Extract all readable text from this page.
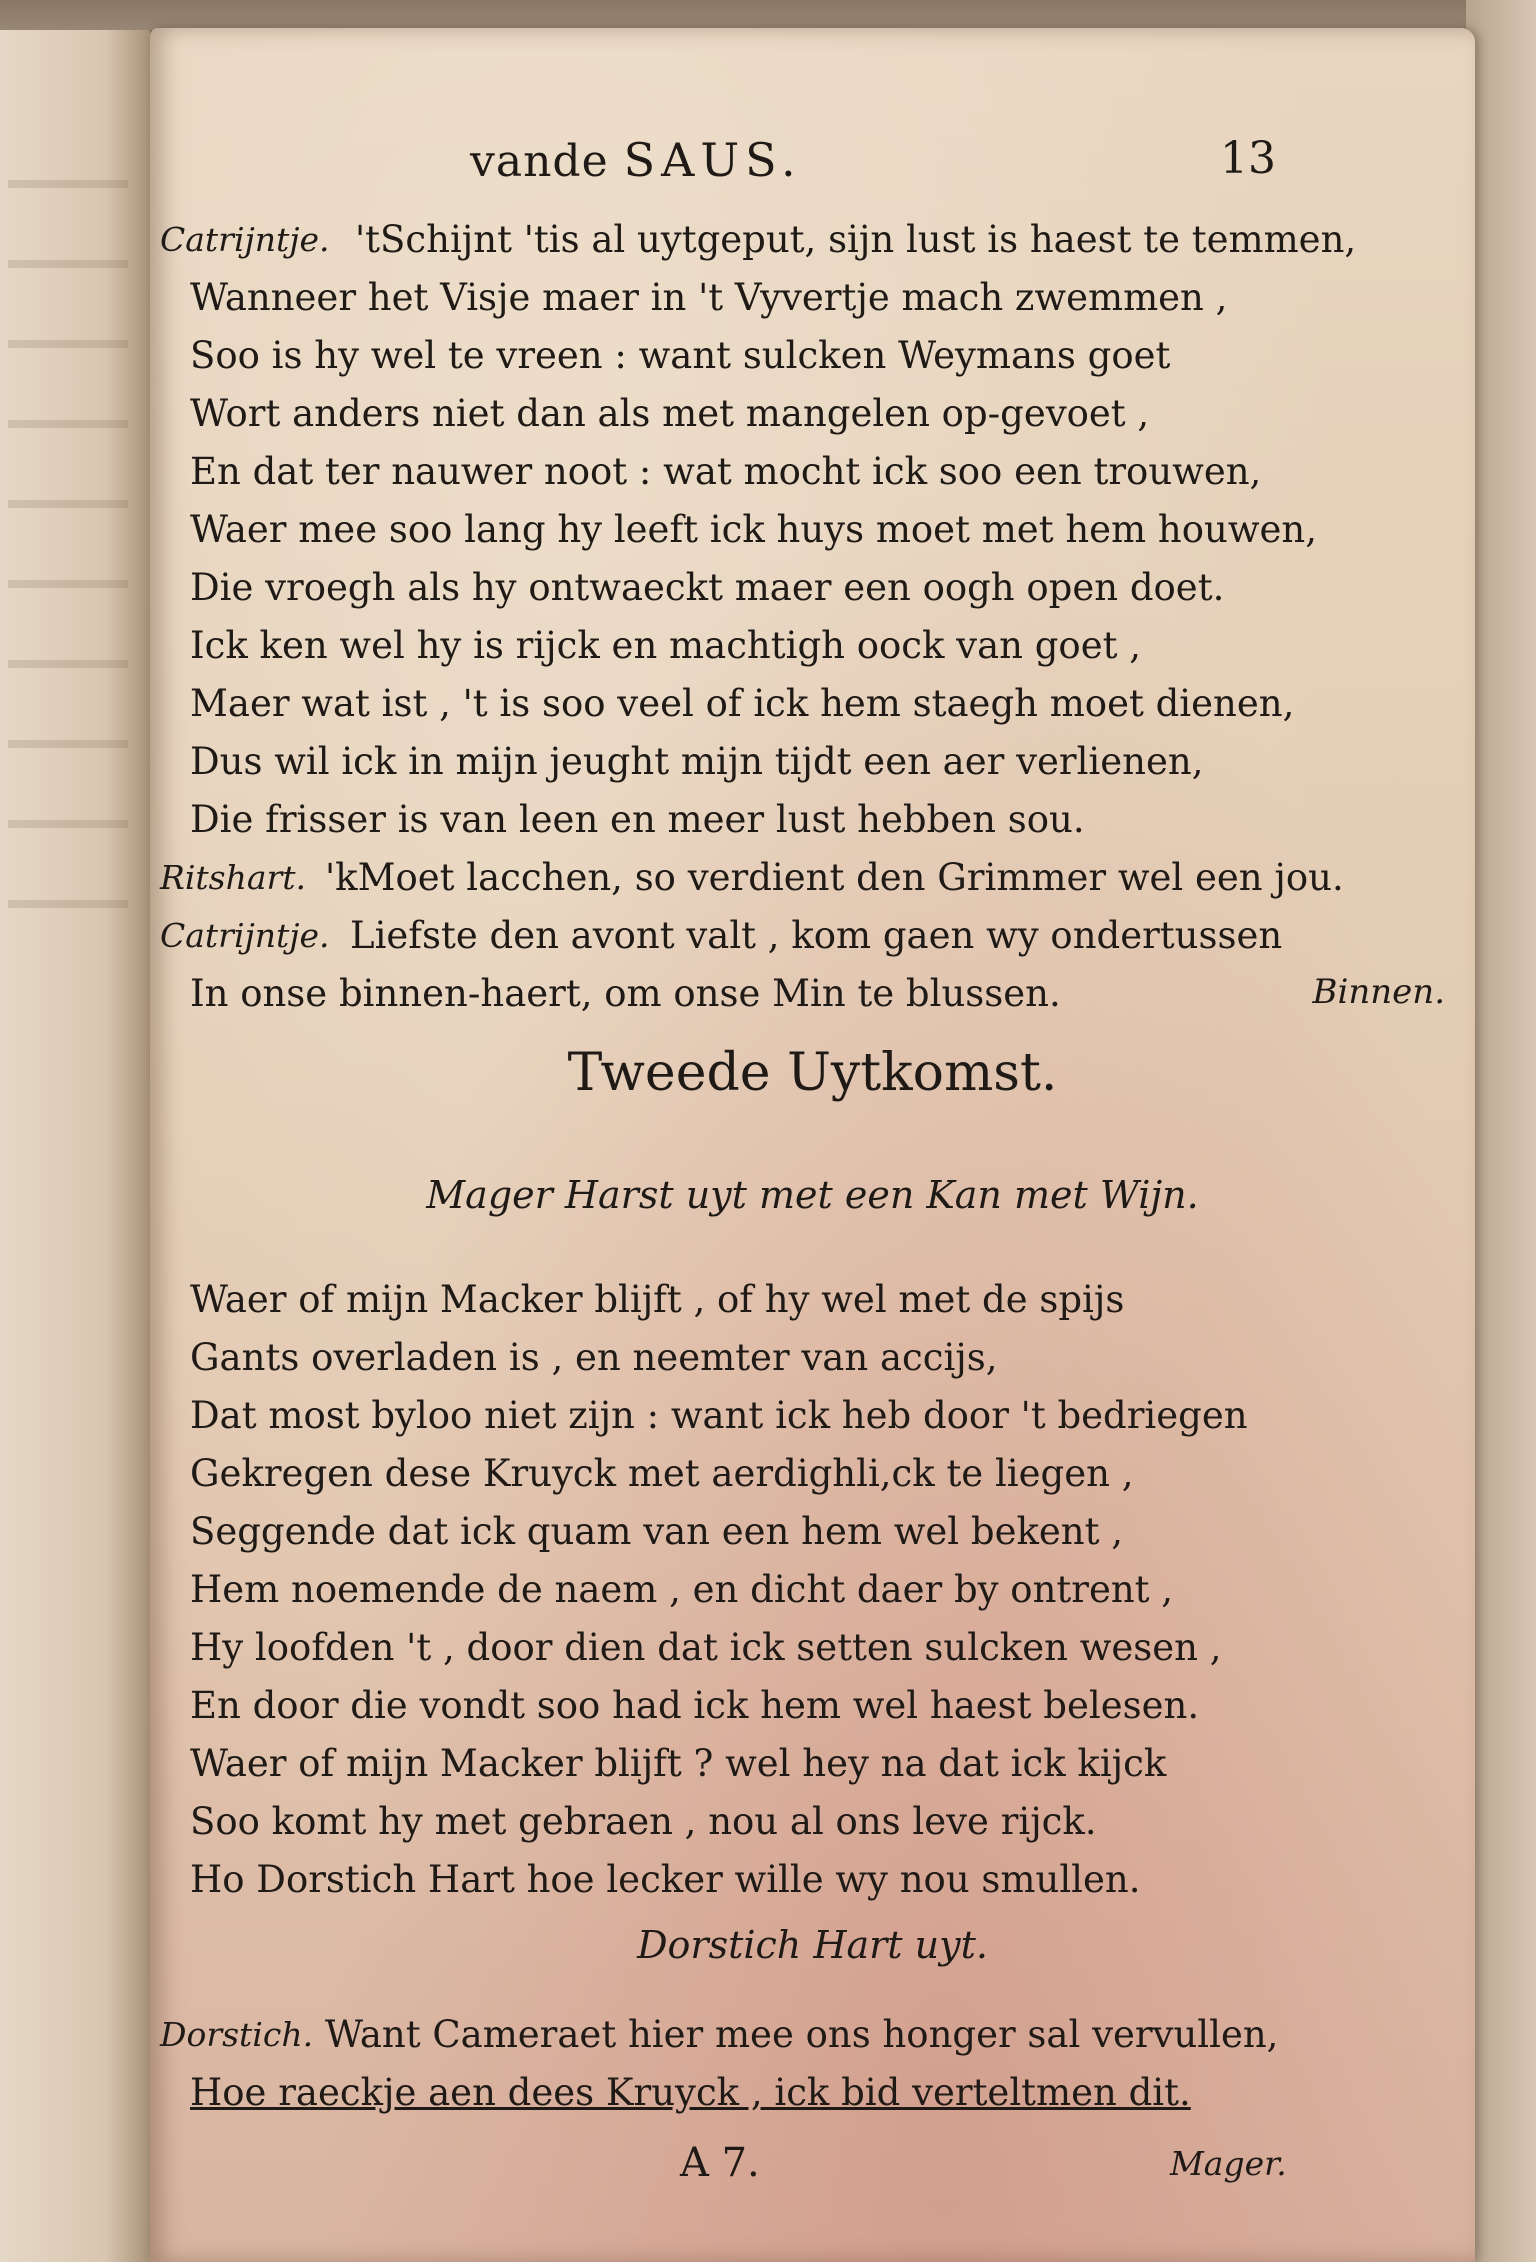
vande SAUS.	13
Catrijntje. 'tSchijnt 'tis al uytgeput, sijn lust is haest te temmen,
Wanneer het Visje maer in 't Vyvertje mach zwemmen ,
Soo is hy wel te vreen : want sulcken Weymans goet
Wort anders niet dan als met mangelen op-gevoet ,
En dat ter nauwer noot : wat mocht ick soo een trouwen,
Waer mee soo lang hy leeft ick huys moet met hem houwen,
Die vroegh als hy ontwaeckt maer een oogh open doet.
Ick ken wel hy is rijck en machtigh oock van goet ,
Maer wat ist , 't is soo veel of ick hem staegh moet dienen,
Dus wil ick in mijn jeught mijn tijdt een aer verlienen,
Die frisser is van leen en meer lust hebben sou.
Ritshart. 'kMoet lacchen, so verdient den Grimmer wel een jou.
Catrijntje. Liefste den avont valt , kom gaen wy ondertussen
In onse binnen-haert, om onse Min te blussen.	Binnen.
Tweede Uytkomst.
Mager Harst uyt met een Kan met Wijn.
Waer of mijn Macker blijft , of hy wel met de spijs
Gants overladen is , en neemter van accijs,
Dat most byloo niet zijn : want ick heb door 't bedriegen
Gekregen dese Kruyck met aerdighli,ck te liegen ,
Seggende dat ick quam van een hem wel bekent ,
Hem noemende de naem , en dicht daer by ontrent ,
Hy loofden 't , door dien dat ick setten sulcken wesen ,
En door die vondt soo had ick hem wel haest belesen.
Waer of mijn Macker blijft ? wel hey na dat ick kijck
Soo komt hy met gebraen , nou al ons leve rijck.
Ho Dorstich Hart hoe lecker wille wy nou smullen.
Dorstich Hart uyt.
Dorstich. Want Cameraet hier mee ons honger sal vervullen,
Hoe raeckje aen dees Kruyck , ick bid verteltmen dit.
A 7.	Mager.
